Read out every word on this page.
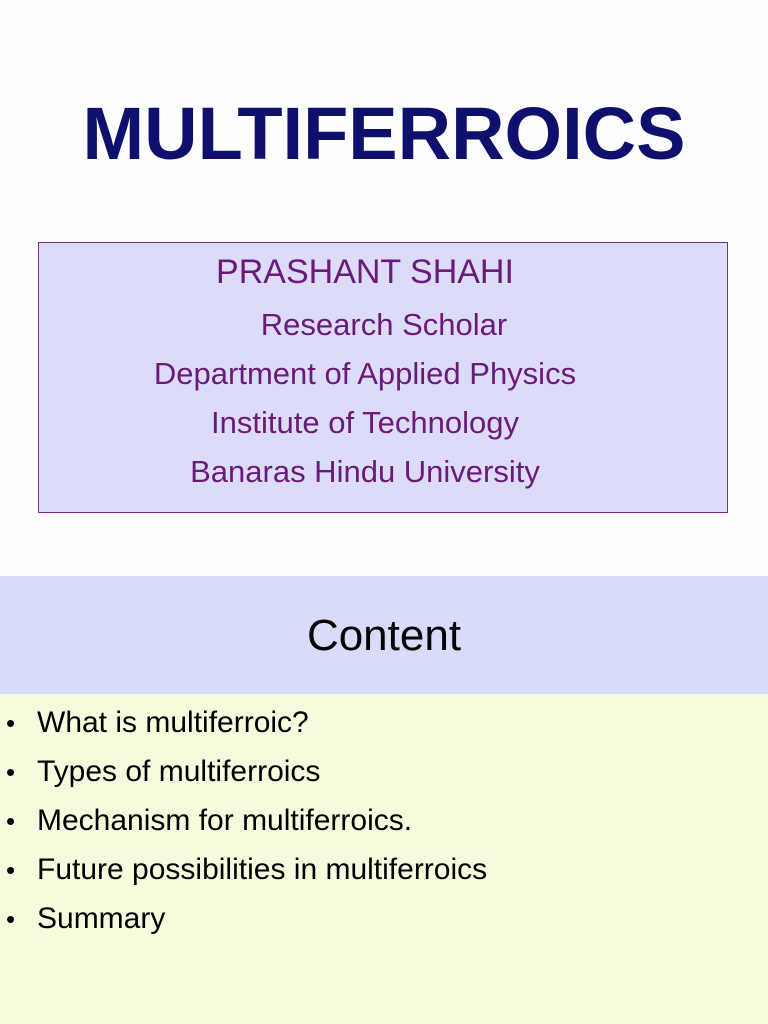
MULTIFERROICS
PRASHANT SHAHI
Research Scholar
Department of Applied Physics
Institute of Technology
Banaras Hindu University
Content
• What is multiferroic?
• Types of multiferroics
• Mechanism for multiferroics.
• Future possibilities in multiferroics
• Summary
